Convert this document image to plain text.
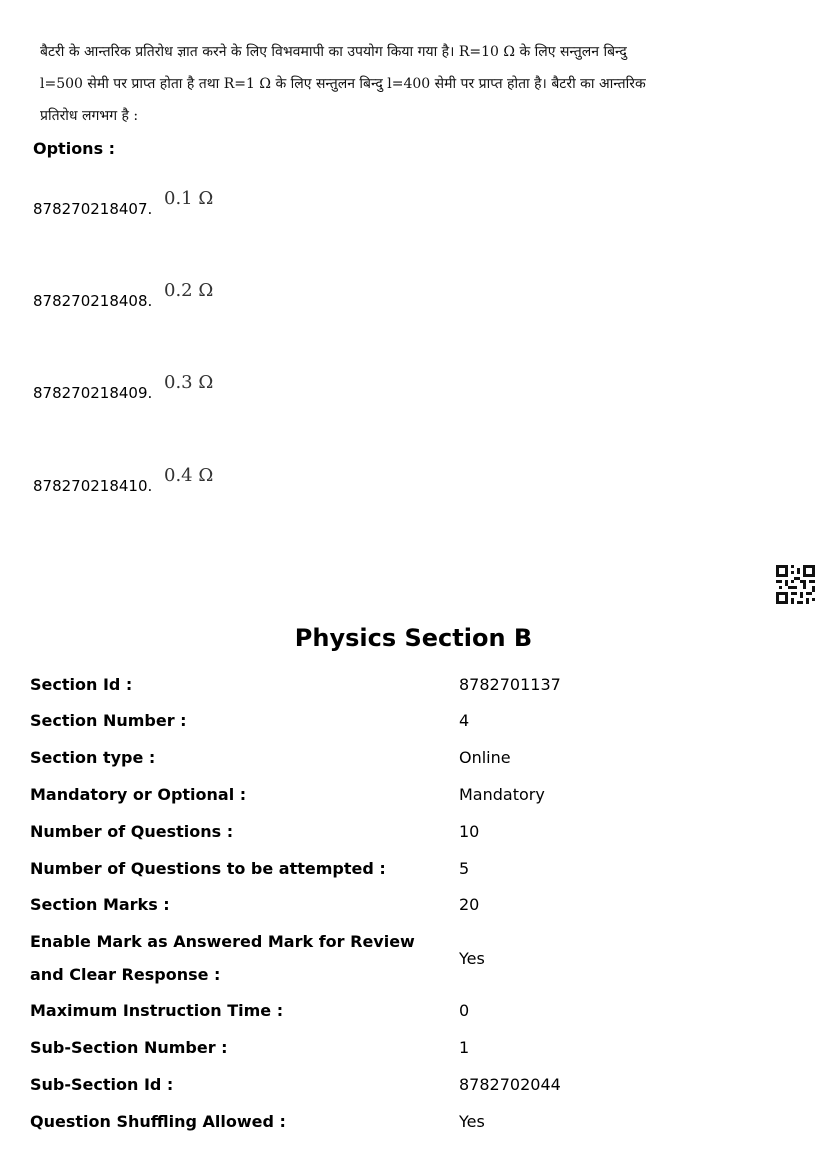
बैटरी के आन्तरिक प्रतिरोध ज्ञात करने के लिए विभवमापी का उपयोग किया गया है। R=10 Ω के लिए सन्तुलन बिन्दु
l=500 सेमी पर प्राप्त होता है तथा R=1 Ω के लिए सन्तुलन बिन्दु l=400 सेमी पर प्राप्त होता है। बैटरी का आन्तरिक
प्रतिरोध लगभग है :
Options :
878270218407. 0.1 Ω
878270218408. 0.2 Ω
878270218409. 0.3 Ω
878270218410. 0.4 Ω
Physics Section B
Section Id :	8782701137
Section Number :	4
Section type :	Online
Mandatory or Optional :	Mandatory
Number of Questions :	10
Number of Questions to be attempted :	5
Section Marks :	20
Enable Mark as Answered Mark for Review and Clear Response :
Yes
Maximum Instruction Time :	0
Sub-Section Number :	1
Sub-Section Id :	8782702044
Question Shuffling Allowed :	Yes
